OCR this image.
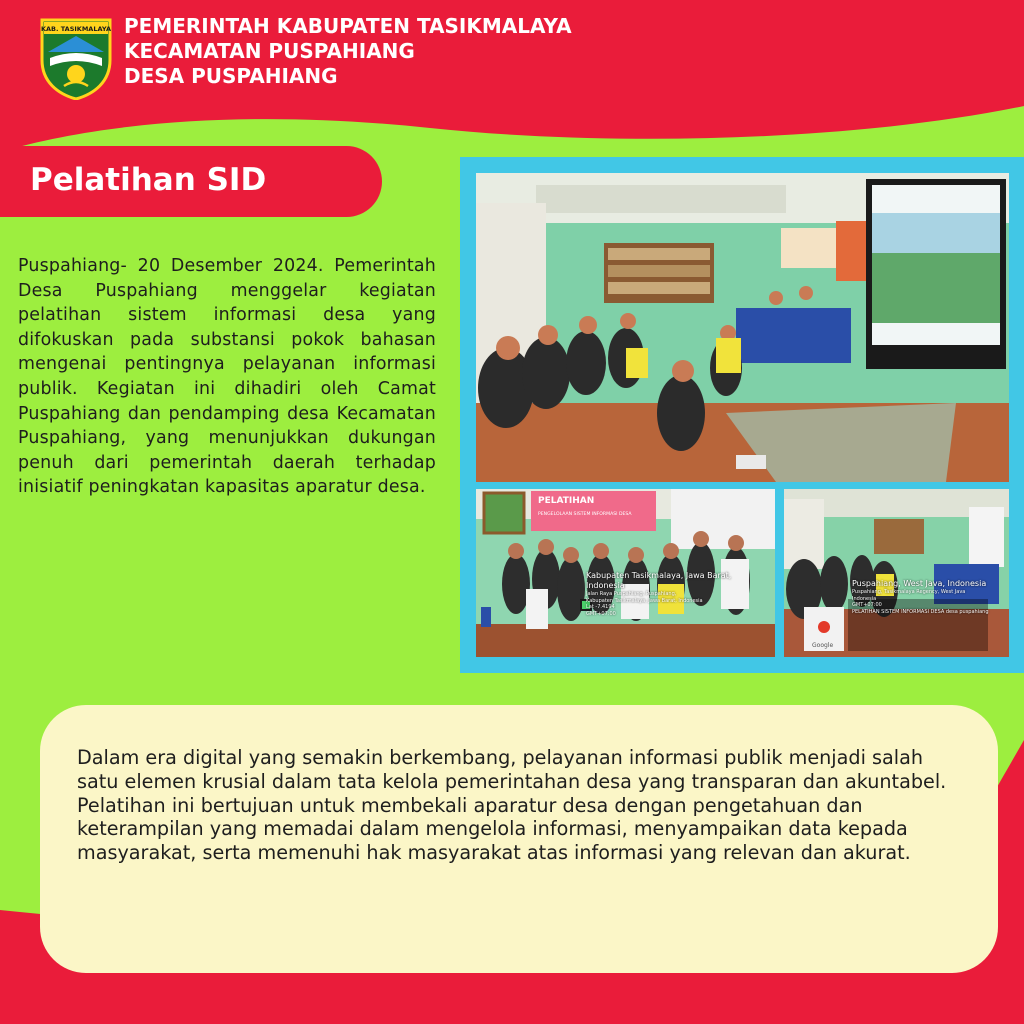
KAB. TASIKMALAYA PEMERINTAH KABUPATEN TASIKMALAYA
KECAMATAN PUSPAHIANG
DESA PUSPAHIANG
Pelatihan SID
Puspahiang- 20 Desember 2024. Pemerintah Desa Puspahiang menggelar kegiatan pelatihan sistem informasi desa yang difokuskan pada substansi pokok bahasan mengenai pentingnya pelayanan informasi publik. Kegiatan ini dihadiri oleh Camat Puspahiang dan pendamping desa Kecamatan Puspahiang, yang menunjukkan dukungan penuh dari pemerintah daerah terhadap inisiatif peningkatan kapasitas aparatur desa.
PELATIHAN
PENGELOLAAN SISTEM INFORMASI DESA
Kabupaten Tasikmalaya, Jawa Barat, Indonesia
Jalan Raya Puspahiang, Puspahiang,
Kabupaten Tasikmalaya, Jawa Barat, Indonesia
Lat -7.4194
GMT+07:00
Google
Puspahiang, West Java, Indonesia
Puspahiang, Tasikmalaya Regency, West Java
Indonesia
GMT+07:00
PELATIHAN SISTEM INFORMASI DESA desa puspahiang
Dalam era digital yang semakin berkembang, pelayanan informasi publik menjadi salah satu elemen krusial dalam tata kelola pemerintahan desa yang transparan dan akuntabel. Pelatihan ini bertujuan untuk membekali aparatur desa dengan pengetahuan dan keterampilan yang memadai dalam mengelola informasi, menyampaikan data kepada masyarakat, serta memenuhi hak masyarakat atas informasi yang relevan dan akurat.
